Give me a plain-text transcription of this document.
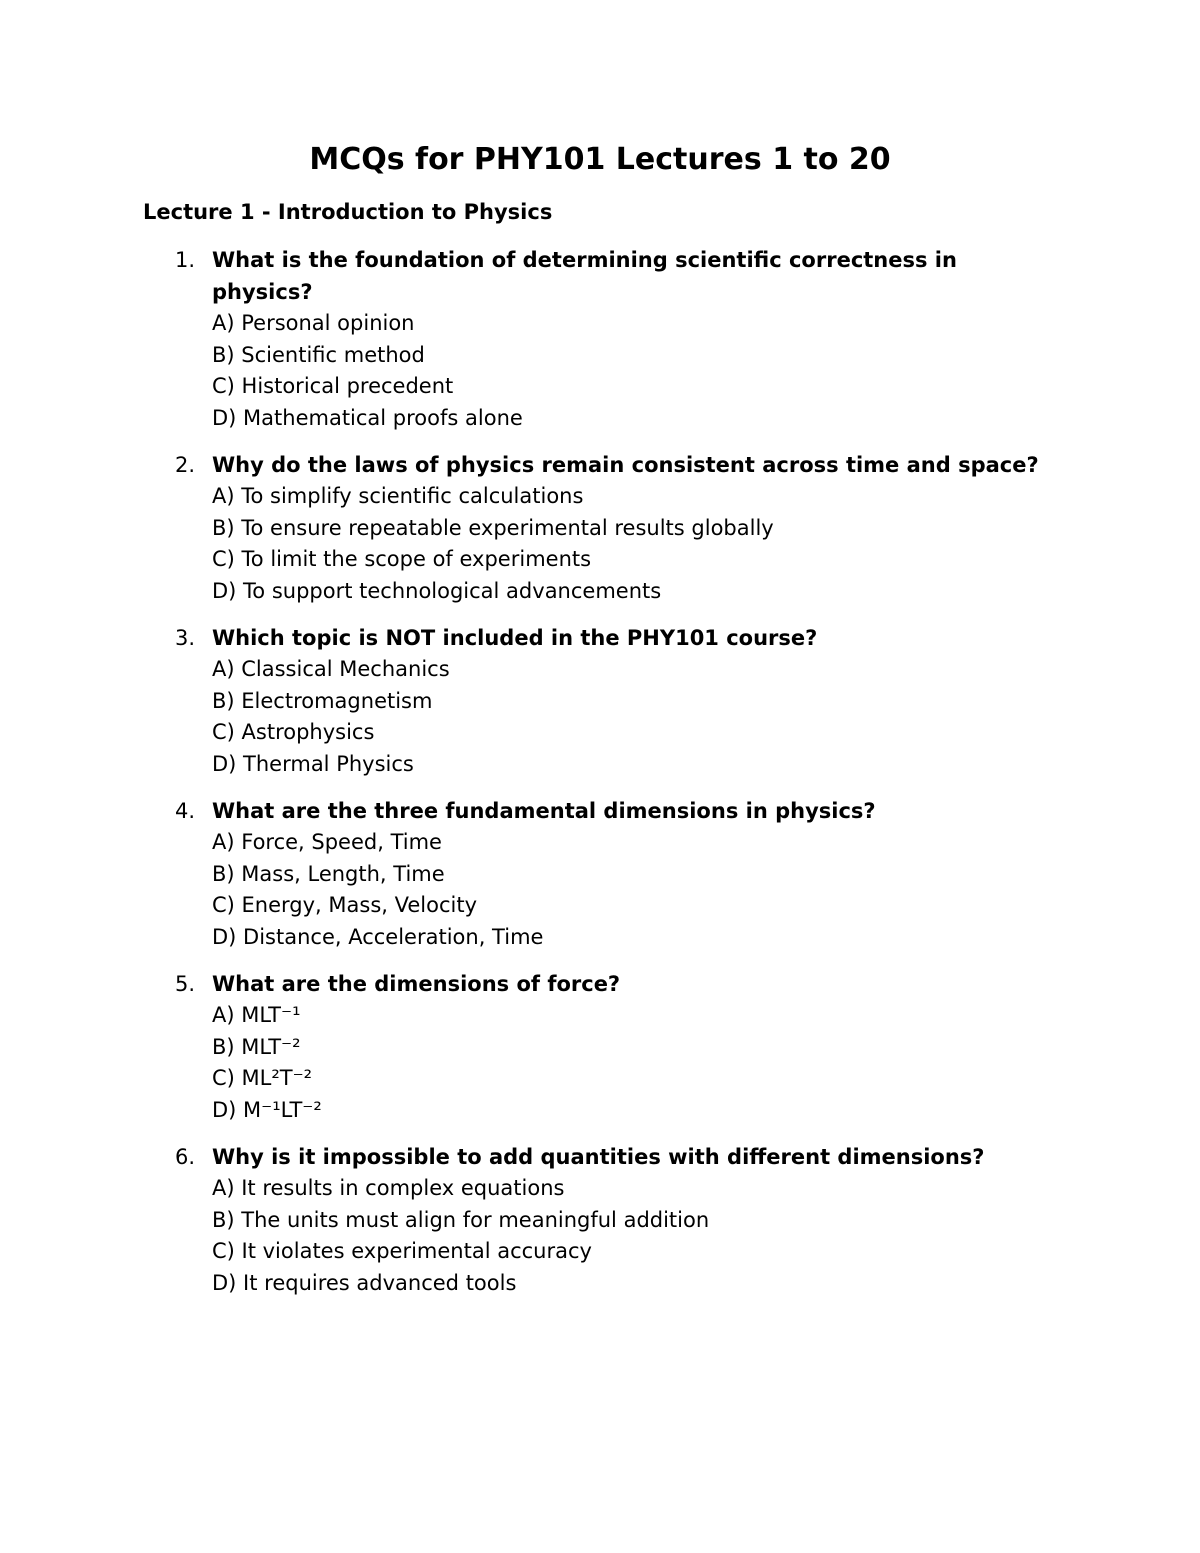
MCQs for PHY101 Lectures 1 to 20
Lecture 1 - Introduction to Physics
1. What is the foundation of determining scientific correctness in physics?

A) Personal opinion
B) Scientific method
C) Historical precedent
D) Mathematical proofs alone
2. Why do the laws of physics remain consistent across time and space?

A) To simplify scientific calculations
B) To ensure repeatable experimental results globally
C) To limit the scope of experiments
D) To support technological advancements
3. Which topic is NOT included in the PHY101 course?

A) Classical Mechanics
B) Electromagnetism
C) Astrophysics
D) Thermal Physics
4. What are the three fundamental dimensions in physics?

A) Force, Speed, Time
B) Mass, Length, Time
C) Energy, Mass, Velocity
D) Distance, Acceleration, Time
5. What are the dimensions of force?

A) MLT⁻¹
B) MLT⁻²
C) ML²T⁻²
D) M⁻¹LT⁻²
6. Why is it impossible to add quantities with different dimensions?

A) It results in complex equations
B) The units must align for meaningful addition
C) It violates experimental accuracy
D) It requires advanced tools
